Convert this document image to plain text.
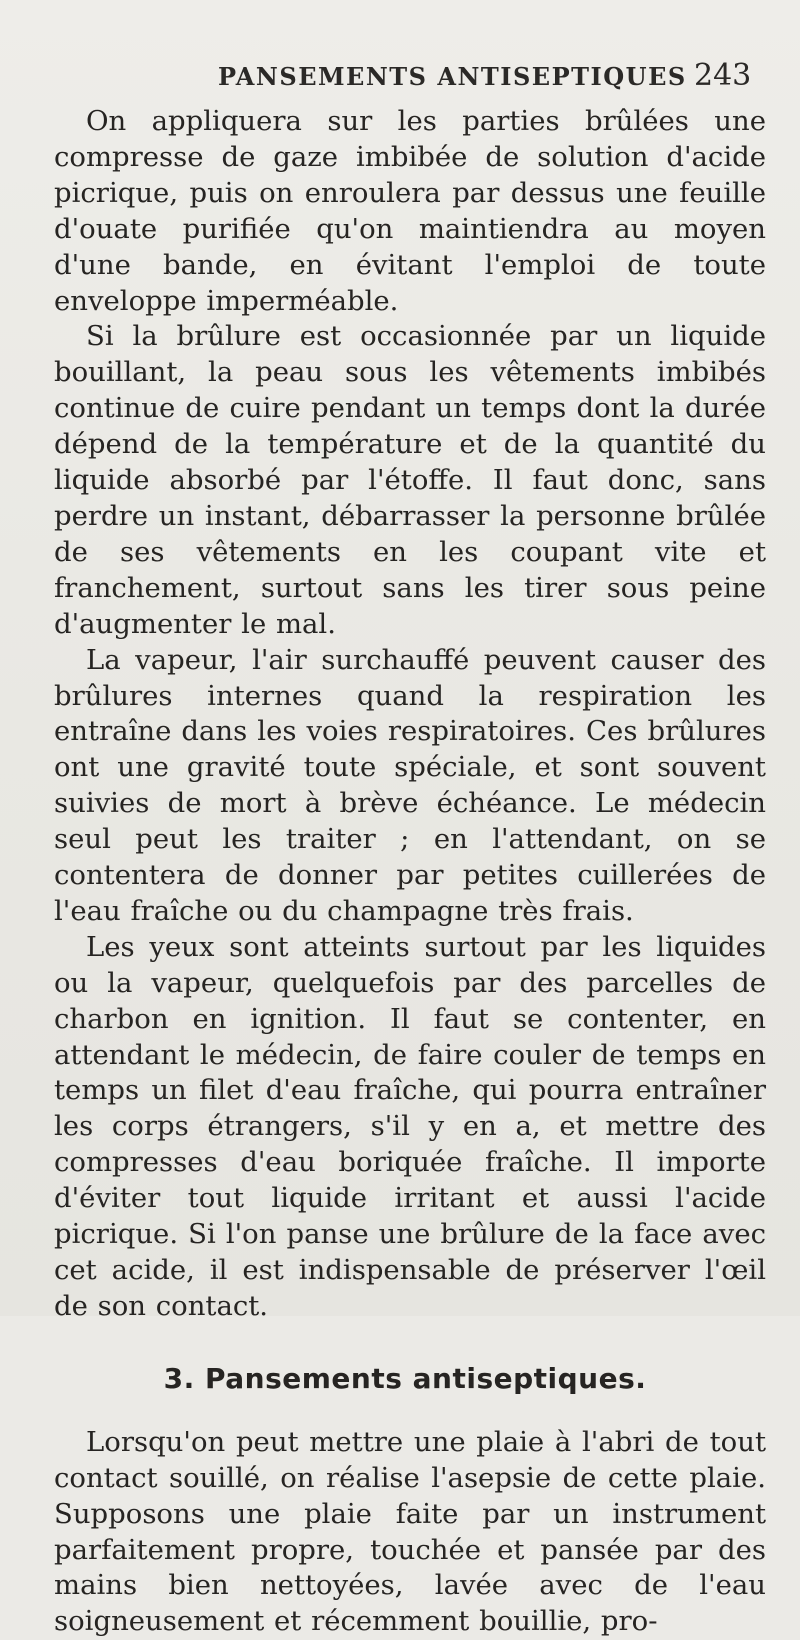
PANSEMENTS ANTISEPTIQUES 243

On appliquera sur les parties brûlées une compresse de gaze imbibée de solution d'acide picrique, puis on enroulera par dessus une feuille d'ouate purifiée qu'on maintiendra au moyen d'une bande, en évitant l'emploi de toute enveloppe imperméable.

Si la brûlure est occasionnée par un liquide bouillant, la peau sous les vêtements imbibés continue de cuire pendant un temps dont la durée dépend de la température et de la quantité du liquide absorbé par l'étoffe. Il faut donc, sans perdre un instant, débarrasser la personne brûlée de ses vêtements en les coupant vite et franchement, surtout sans les tirer sous peine d'augmenter le mal.

La vapeur, l'air surchauffé peuvent causer des brûlures internes quand la respiration les entraîne dans les voies respiratoires. Ces brûlures ont une gravité toute spéciale, et sont souvent suivies de mort à brève échéance. Le médecin seul peut les traiter ; en l'attendant, on se contentera de donner par petites cuillerées de l'eau fraîche ou du champagne très frais.

Les yeux sont atteints surtout par les liquides ou la vapeur, quelquefois par des parcelles de charbon en ignition. Il faut se contenter, en attendant le médecin, de faire couler de temps en temps un filet d'eau fraîche, qui pourra entraîner les corps étrangers, s'il y en a, et mettre des compresses d'eau boriquée fraîche. Il importe d'éviter tout liquide irritant et aussi l'acide picrique. Si l'on panse une brûlure de la face avec cet acide, il est indispensable de préserver l'œil de son contact.

3. Pansements antiseptiques.

Lorsqu'on peut mettre une plaie à l'abri de tout contact souillé, on réalise l'asepsie de cette plaie. Supposons une plaie faite par un instrument parfaitement propre, touchée et pansée par des mains bien nettoyées, lavée avec de l'eau soigneusement et récemment bouillie, pro-
